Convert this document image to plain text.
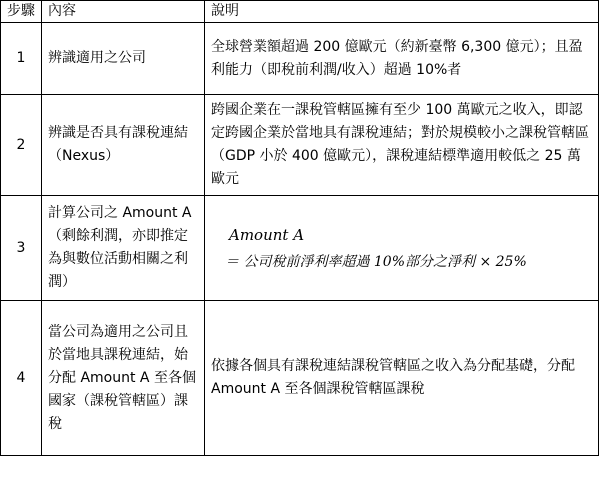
步驟	內容	說明
1	辨識適用之公司	全球營業額超過 200 億歐元（約新臺幣 6,300 億元）；且盈利能力（即稅前利潤/收入）超過 10%者
2	辨識是否具有課稅連結（Nexus）	跨國企業在一課稅管轄區擁有至少 100 萬歐元之收入，即認定跨國企業於當地具有課稅連結；對於規模較小之課稅管轄區（GDP 小於 400 億歐元），課稅連結標準適用較低之 25 萬歐元
3	計算公司之 Amount A（剩餘利潤，亦即推定為與數位活動相關之利潤）	Amount A
＝ 公司稅前淨利率超過 10%部分之淨利 × 25%

4	當公司為適用之公司且於當地具課稅連結，始分配 Amount A 至各個國家（課稅管轄區）課稅	依據各個具有課稅連結課稅管轄區之收入為分配基礎，分配 Amount A 至各個課稅管轄區課稅
